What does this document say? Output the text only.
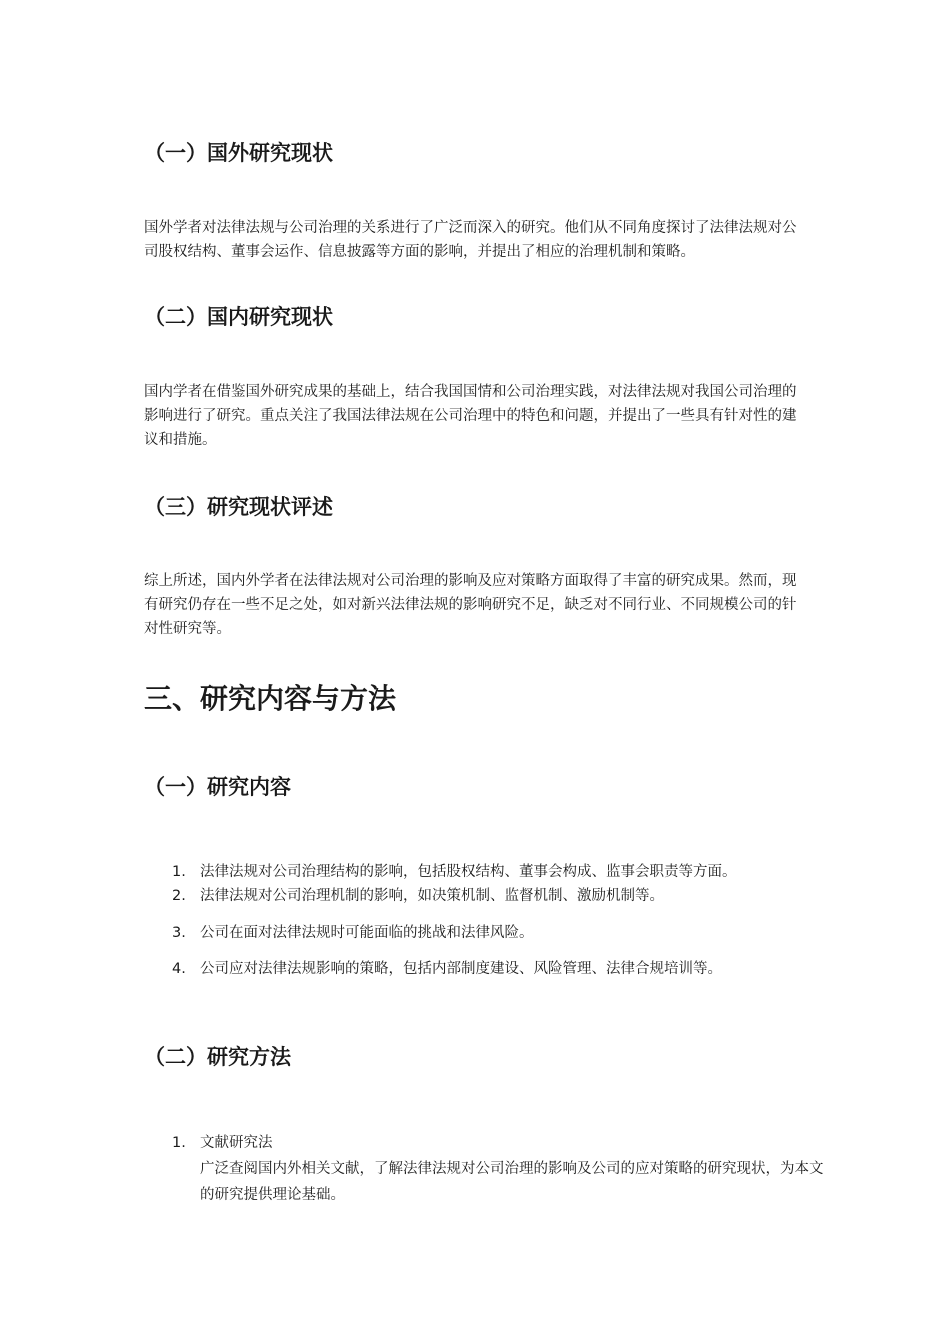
（一）国外研究现状

国外学者对法律法规与公司治理的关系进行了广泛而深入的研究。他们从不同角度探讨了法律法规对公司股权结构、董事会运作、信息披露等方面的影响，并提出了相应的治理机制和策略。

（二）国内研究现状

国内学者在借鉴国外研究成果的基础上，结合我国国情和公司治理实践，对法律法规对我国公司治理的影响进行了研究。重点关注了我国法律法规在公司治理中的特色和问题，并提出了一些具有针对性的建议和措施。

（三）研究现状评述

综上所述，国内外学者在法律法规对公司治理的影响及应对策略方面取得了丰富的研究成果。然而，现有研究仍存在一些不足之处，如对新兴法律法规的影响研究不足，缺乏对不同行业、不同规模公司的针对性研究等。

三、研究内容与方法
（一）研究内容
1. 法律法规对公司治理结构的影响，包括股权结构、董事会构成、监事会职责等方面。
2. 法律法规对公司治理机制的影响，如决策机制、监督机制、激励机制等。
3. 公司在面对法律法规时可能面临的挑战和法律风险。
4. 公司应对法律法规影响的策略，包括内部制度建设、风险管理、法律合规培训等。
（二）研究方法
1. 文献研究法
广泛查阅国内外相关文献，了解法律法规对公司治理的影响及公司的应对策略的研究现状，为本文的研究提供理论基础。
